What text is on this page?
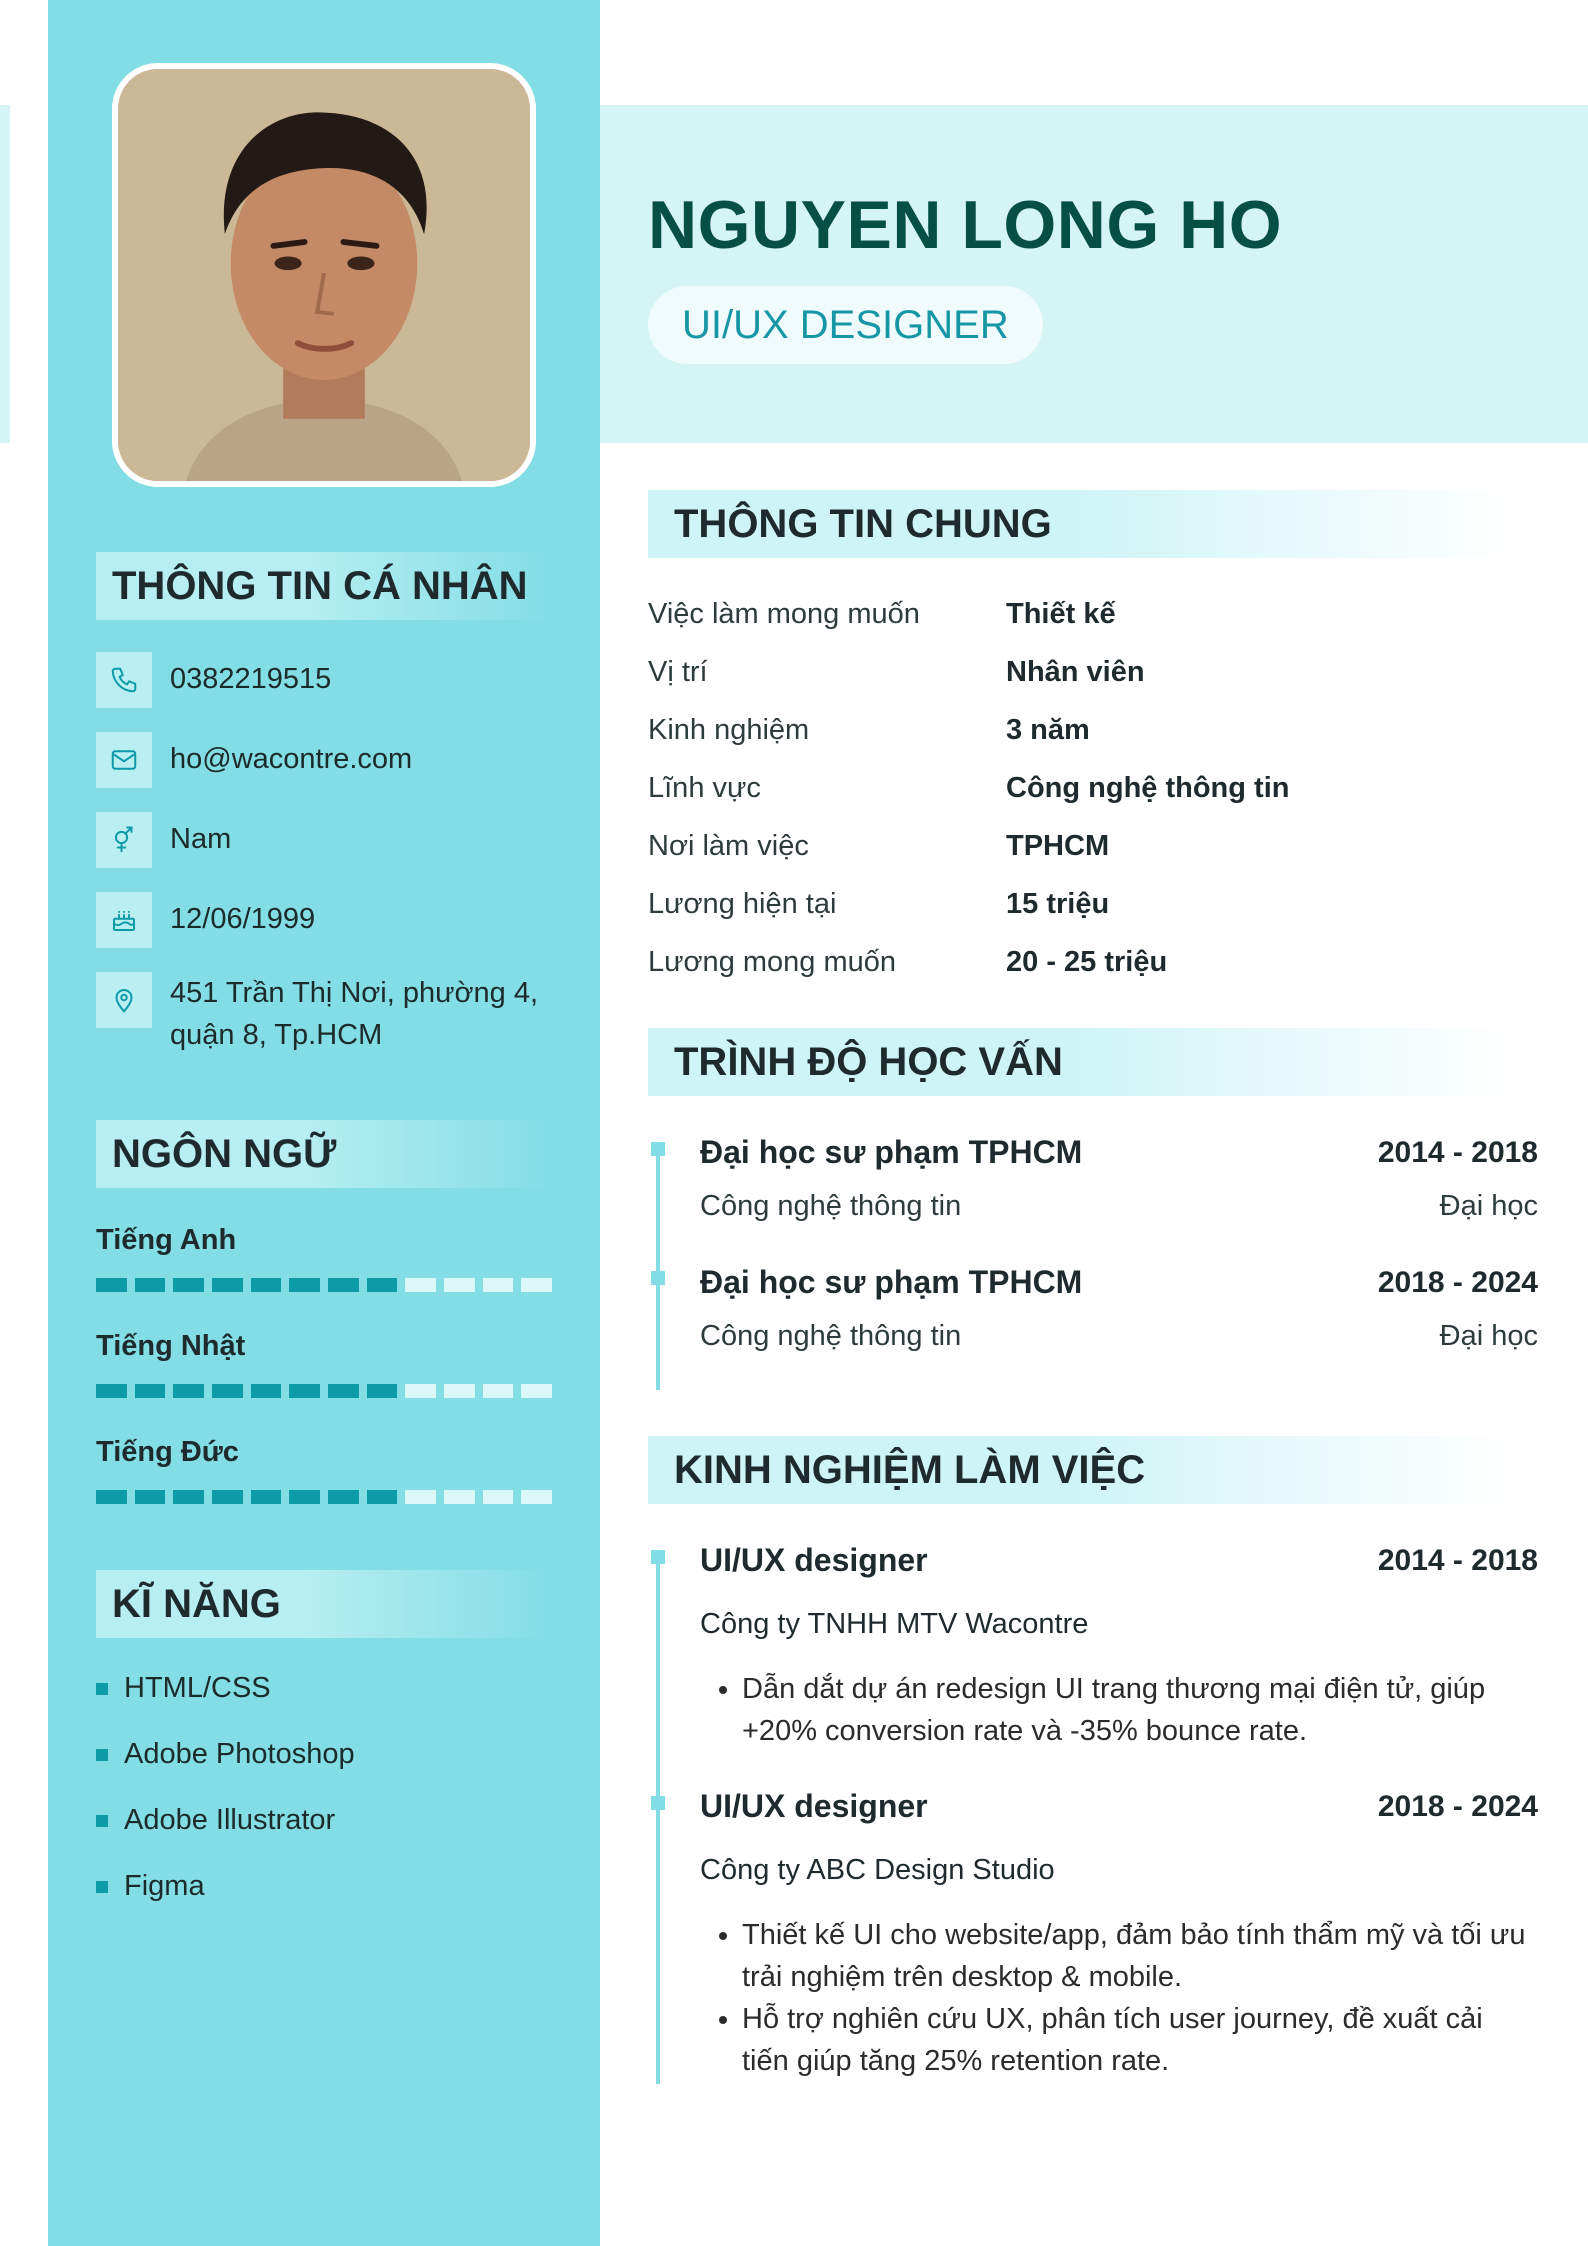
NGUYEN LONG HO
UI/UX DESIGNER
THÔNG TIN CÁ NHÂN
0382219515
ho@wacontre.com
Nam
12/06/1999
451 Trần Thị Nơi, phường 4,
quận 8, Tp.HCM
NGÔN NGỮ
Tiếng Anh
Tiếng Nhật
Tiếng Đức
KĨ NĂNG
HTML/CSS
Adobe Photoshop
Adobe Illustrator
Figma
THÔNG TIN CHUNG
Việc làm mong muốn	Thiết kế
Vị trí	Nhân viên
Kinh nghiệm	3 năm
Lĩnh vực	Công nghệ thông tin
Nơi làm việc	TPHCM
Lương hiện tại	15 triệu
Lương mong muốn	20 - 25 triệu
TRÌNH ĐỘ HỌC VẤN
Đại học sư phạm TPHCM	2014 - 2018
Công nghệ thông tin	Đại học
Đại học sư phạm TPHCM	2018 - 2024
Công nghệ thông tin	Đại học
KINH NGHIỆM LÀM VIỆC
UI/UX designer	2014 - 2018
Công ty TNHH MTV Wacontre
• Dẫn dắt dự án redesign UI trang thương mại điện tử, giúp +20% conversion rate và -35% bounce rate.
UI/UX designer	2018 - 2024
Công ty ABC Design Studio
• Thiết kế UI cho website/app, đảm bảo tính thẩm mỹ và tối ưu trải nghiệm trên desktop & mobile.
• Hỗ trợ nghiên cứu UX, phân tích user journey, đề xuất cải tiến giúp tăng 25% retention rate.
